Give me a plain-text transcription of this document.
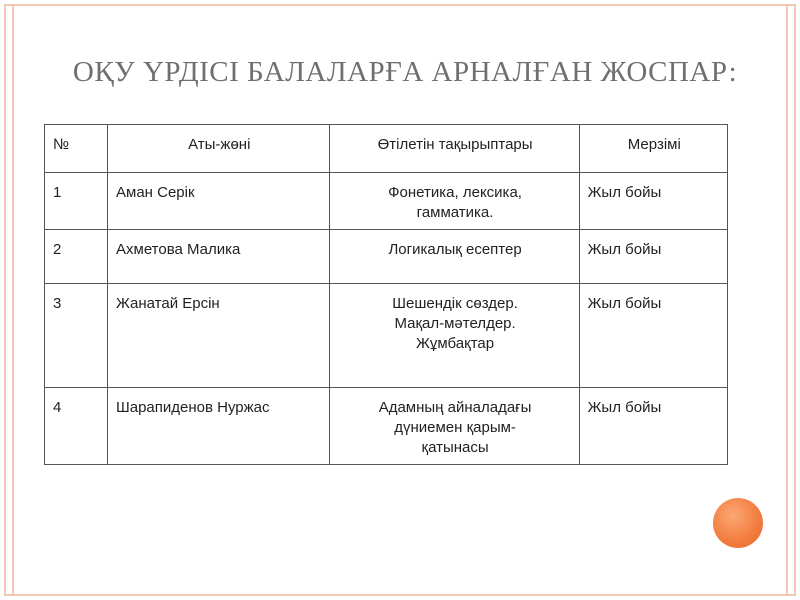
ОҚУ ҮРДІСІ БАЛАЛАРҒА АРНАЛҒАН ЖОСПАР:
№	Аты-жөні	Өтілетін тақырыптары	Мерзімі
1	Аман Серік	Фонетика, лексика,
гамматика.	Жыл бойы
2	Ахметова Малика	Логикалық есептер	Жыл бойы
3	Жанатай Ерсін	Шешендік сөздер.
Мақал-мәтелдер.
Жұмбақтар	Жыл бойы
4	Шарапиденов Нуржас	Адамның айналадағы
дүниемен қарым-
қатынасы	Жыл бойы
